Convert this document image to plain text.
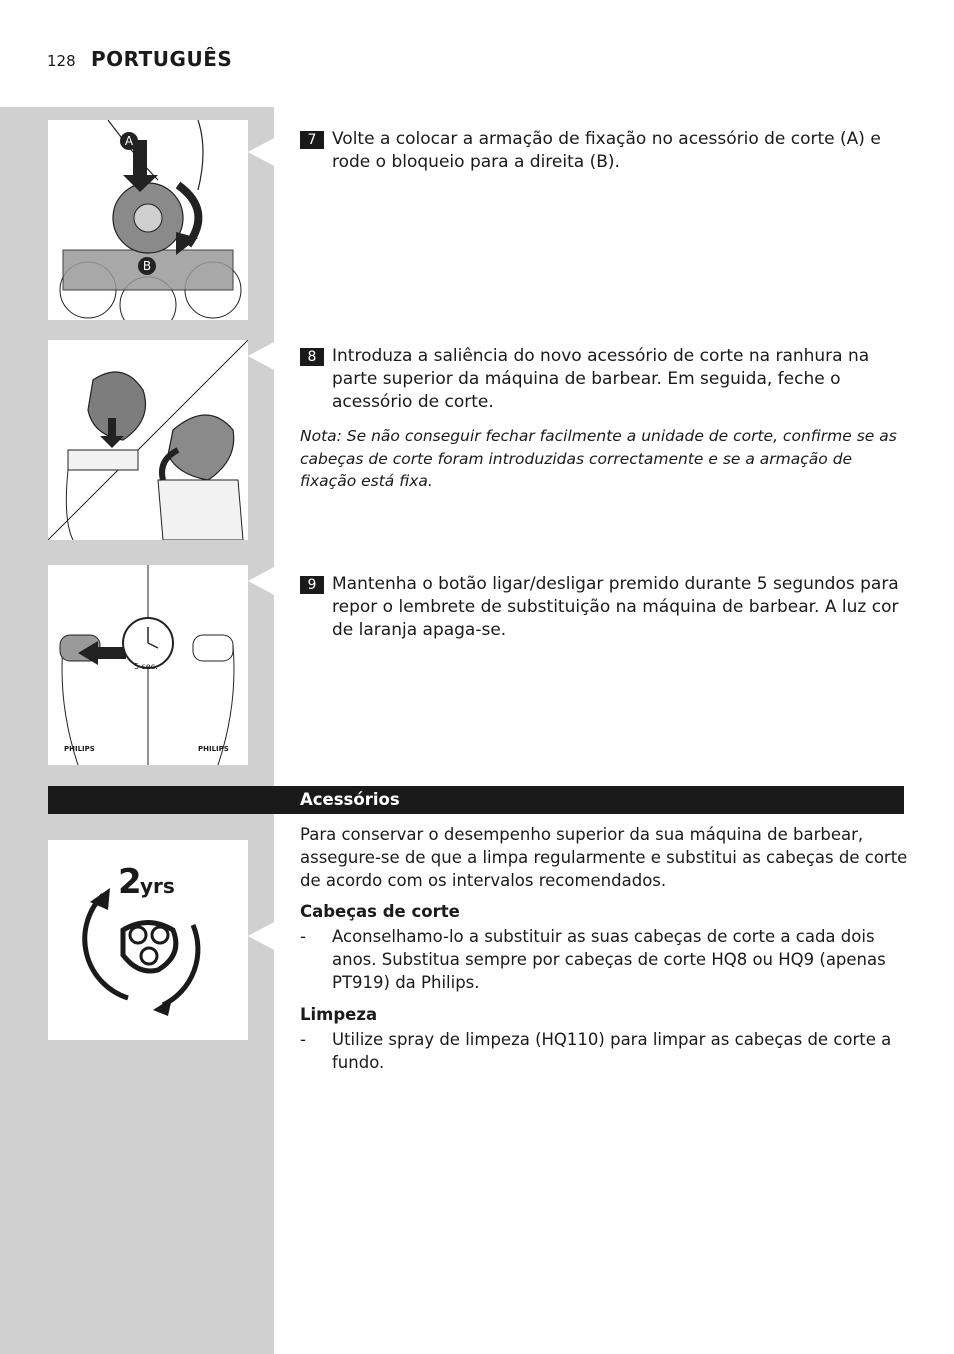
128 PORTUGUÊS
A
B
5 sec.
PHILIPS	PHILIPS
7 Volte a colocar a armação de fixação no acessório de corte (A) e rode o bloqueio para a direita (B).
8 Introduza a saliência do novo acessório de corte na ranhura na parte superior da máquina de barbear. Em seguida, feche o acessório de corte.
Nota: Se não conseguir fechar facilmente a unidade de corte, confirme se as cabeças de corte foram introduzidas correctamente e se a armação de fixação está fixa.
9 Mantenha o botão ligar/desligar premido durante 5 segundos para repor o lembrete de substituição na máquina de barbear. A luz cor de laranja apaga-se.
Acessórios
2
yrs
Para conservar o desempenho superior da sua máquina de barbear, assegure-se de que a limpa regularmente e substitui as cabeças de corte de acordo com os intervalos recomendados.
Cabeças de corte
- Aconselhamo-lo a substituir as suas cabeças de corte a cada dois anos. Substitua sempre por cabeças de corte HQ8 ou HQ9 (apenas PT919) da Philips.
Limpeza
- Utilize spray de limpeza (HQ110) para limpar as cabeças de corte a fundo.
